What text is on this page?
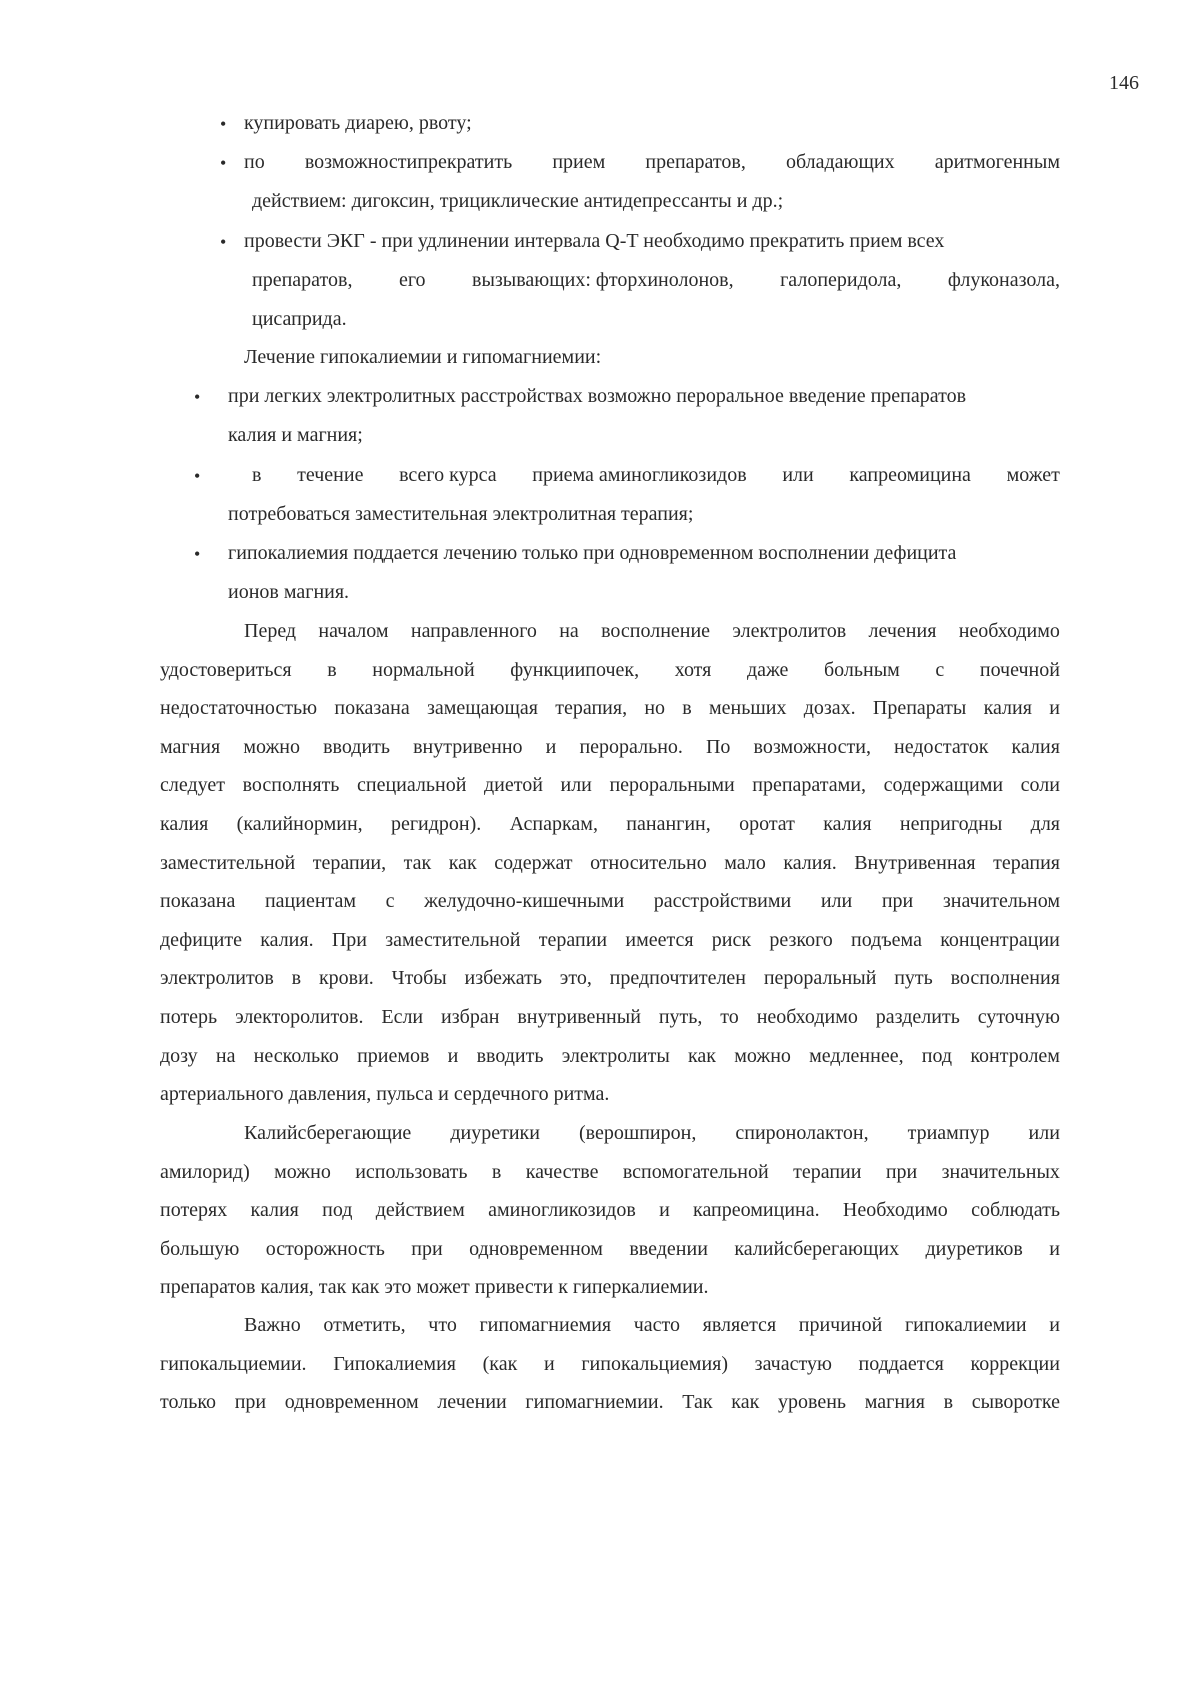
146
• купировать диарею, рвоту;
• по возможностипрекратить прием препаратов, обладающих аритмогенным
действием: дигоксин, трициклические антидепрессанты и др.;
• провести ЭКГ - при удлинении интервала Q-T необходимо прекратить прием всех
препаратов, его вызывающих: фторхинолонов, галоперидола, флуконазола,
цисаприда.
Лечение гипокалиемии и гипомагниемии:
• при легких электролитных расстройствах возможно пероральное введение препаратов
калия и магния;
•	в течение всего курса приема аминогликозидов или капреомицина может
потребоваться заместительная электролитная терапия;
• гипокалиемия поддается лечению только при одновременном восполнении дефицита
ионов магния.
Перед началом направленного на восполнение электролитов лечения необходимо
удостовериться в нормальной функциипочек, хотя даже больным с почечной
недостаточностью показана замещающая терапия, но в меньших дозах. Препараты калия и
магния можно вводить внутривенно и перорально. По возможности, недостаток калия
следует восполнять специальной диетой или пероральными препаратами, содержащими соли
калия (калийнормин, регидрон). Аспаркам, панангин, оротат калия непригодны для
заместительной терапии, так как содержат относительно мало калия. Внутривенная терапия
показана пациентам с желудочно-кишечными расстройствими или при значительном
дефиците калия. При заместительной терапии имеется риск резкого подъема концентрации
электролитов в крови. Чтобы избежать это, предпочтителен пероральный путь восполнения
потерь электоролитов. Если избран внутривенный путь, то необходимо разделить суточную
дозу на несколько приемов и вводить электролиты как можно медленнее, под контролем
артериального давления, пульса и сердечного ритма.
Калийсберегающие диуретики (верошпирон, спиронолактон, триампур или
амилорид) можно использовать в качестве вспомогательной терапии при значительных
потерях калия под действием аминогликозидов и капреомицина. Необходимо соблюдать
большую осторожность при одновременном введении калийсберегающих диуретиков и
препаратов калия, так как это может привести к гиперкалиемии.
Важно отметить, что гипомагниемия часто является причиной гипокалиемии и
гипокальциемии. Гипокалиемия (как и гипокальциемия) зачастую поддается коррекции
только при одновременном лечении гипомагниемии. Так как уровень магния в сыворотке
